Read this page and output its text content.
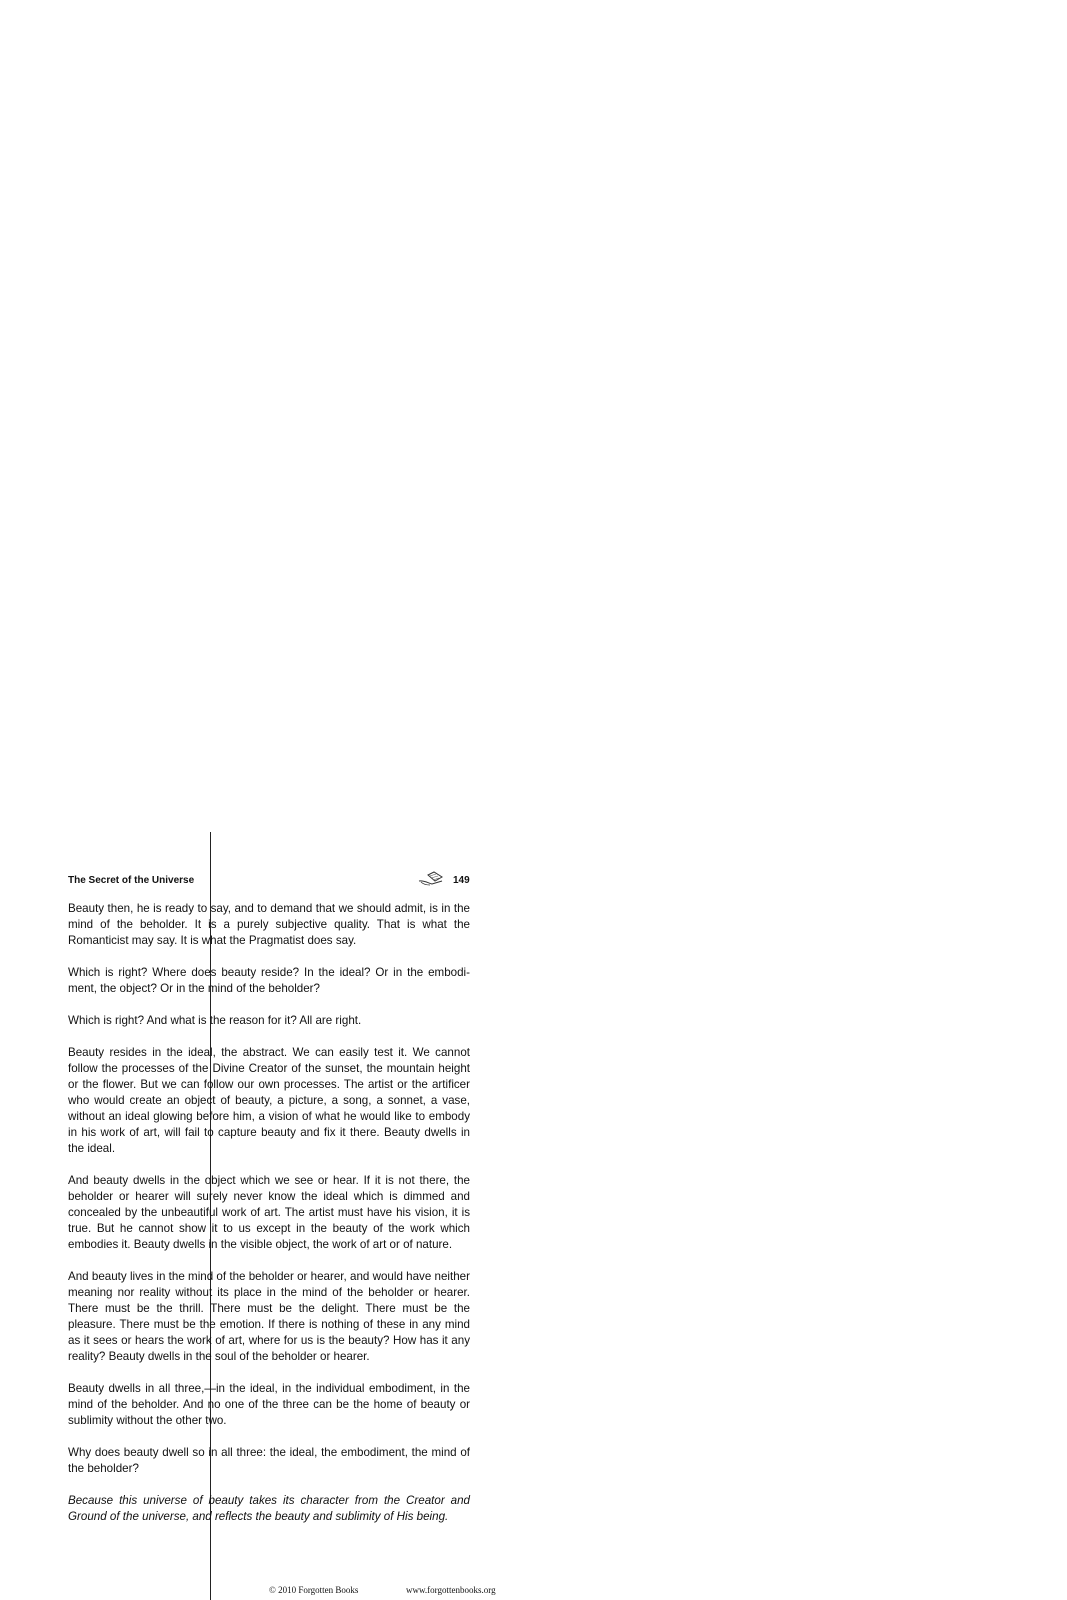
The Secret of the Universe	149

Beauty then, he is ready to say, and to demand that we should admit, is in the mind of the beholder. It is a purely subjective quality. That is what the Romanticist may say. It is what the Pragmatist does say.

Which is right? Where does beauty reside? In the ideal? Or in the embodi-ment, the object? Or in the mind of the beholder?

Which is right? And what is the reason for it? All are right.

Beauty resides in the ideal, the abstract. We can easily test it. We cannot follow the processes of the Divine Creator of the sunset, the mountain height or the flower. But we can follow our own processes. The artist or the artificer who would create an object of beauty, a picture, a song, a sonnet, a vase, without an ideal glowing before him, a vision of what he would like to embody in his work of art, will fail to capture beauty and fix it there. Beauty dwells in the ideal.

And beauty dwells in the object which we see or hear. If it is not there, the beholder or hearer will surely never know the ideal which is dimmed and concealed by the unbeautiful work of art. The artist must have his vision, it is true. But he cannot show it to us except in the beauty of the work which embodies it. Beauty dwells in the visible object, the work of art or of nature.

And beauty lives in the mind of the beholder or hearer, and would have neither meaning nor reality without its place in the mind of the beholder or hearer. There must be the thrill. There must be the delight. There must be the pleasure. There must be the emotion. If there is nothing of these in any mind as it sees or hears the work of art, where for us is the beauty? How has it any reality? Beauty dwells in the soul of the beholder or hearer.

Beauty dwells in all three,—in the ideal, in the individual embodiment, in the mind of the beholder. And no one of the three can be the home of beauty or sublimity without the other two.

Why does beauty dwell so in all three: the ideal, the embodiment, the mind of the beholder?

Because this universe of beauty takes its character from the Creator and Ground of the universe, and reflects the beauty and sublimity of His being.

© 2010 Forgotten Books	www.forgottenbooks.org
